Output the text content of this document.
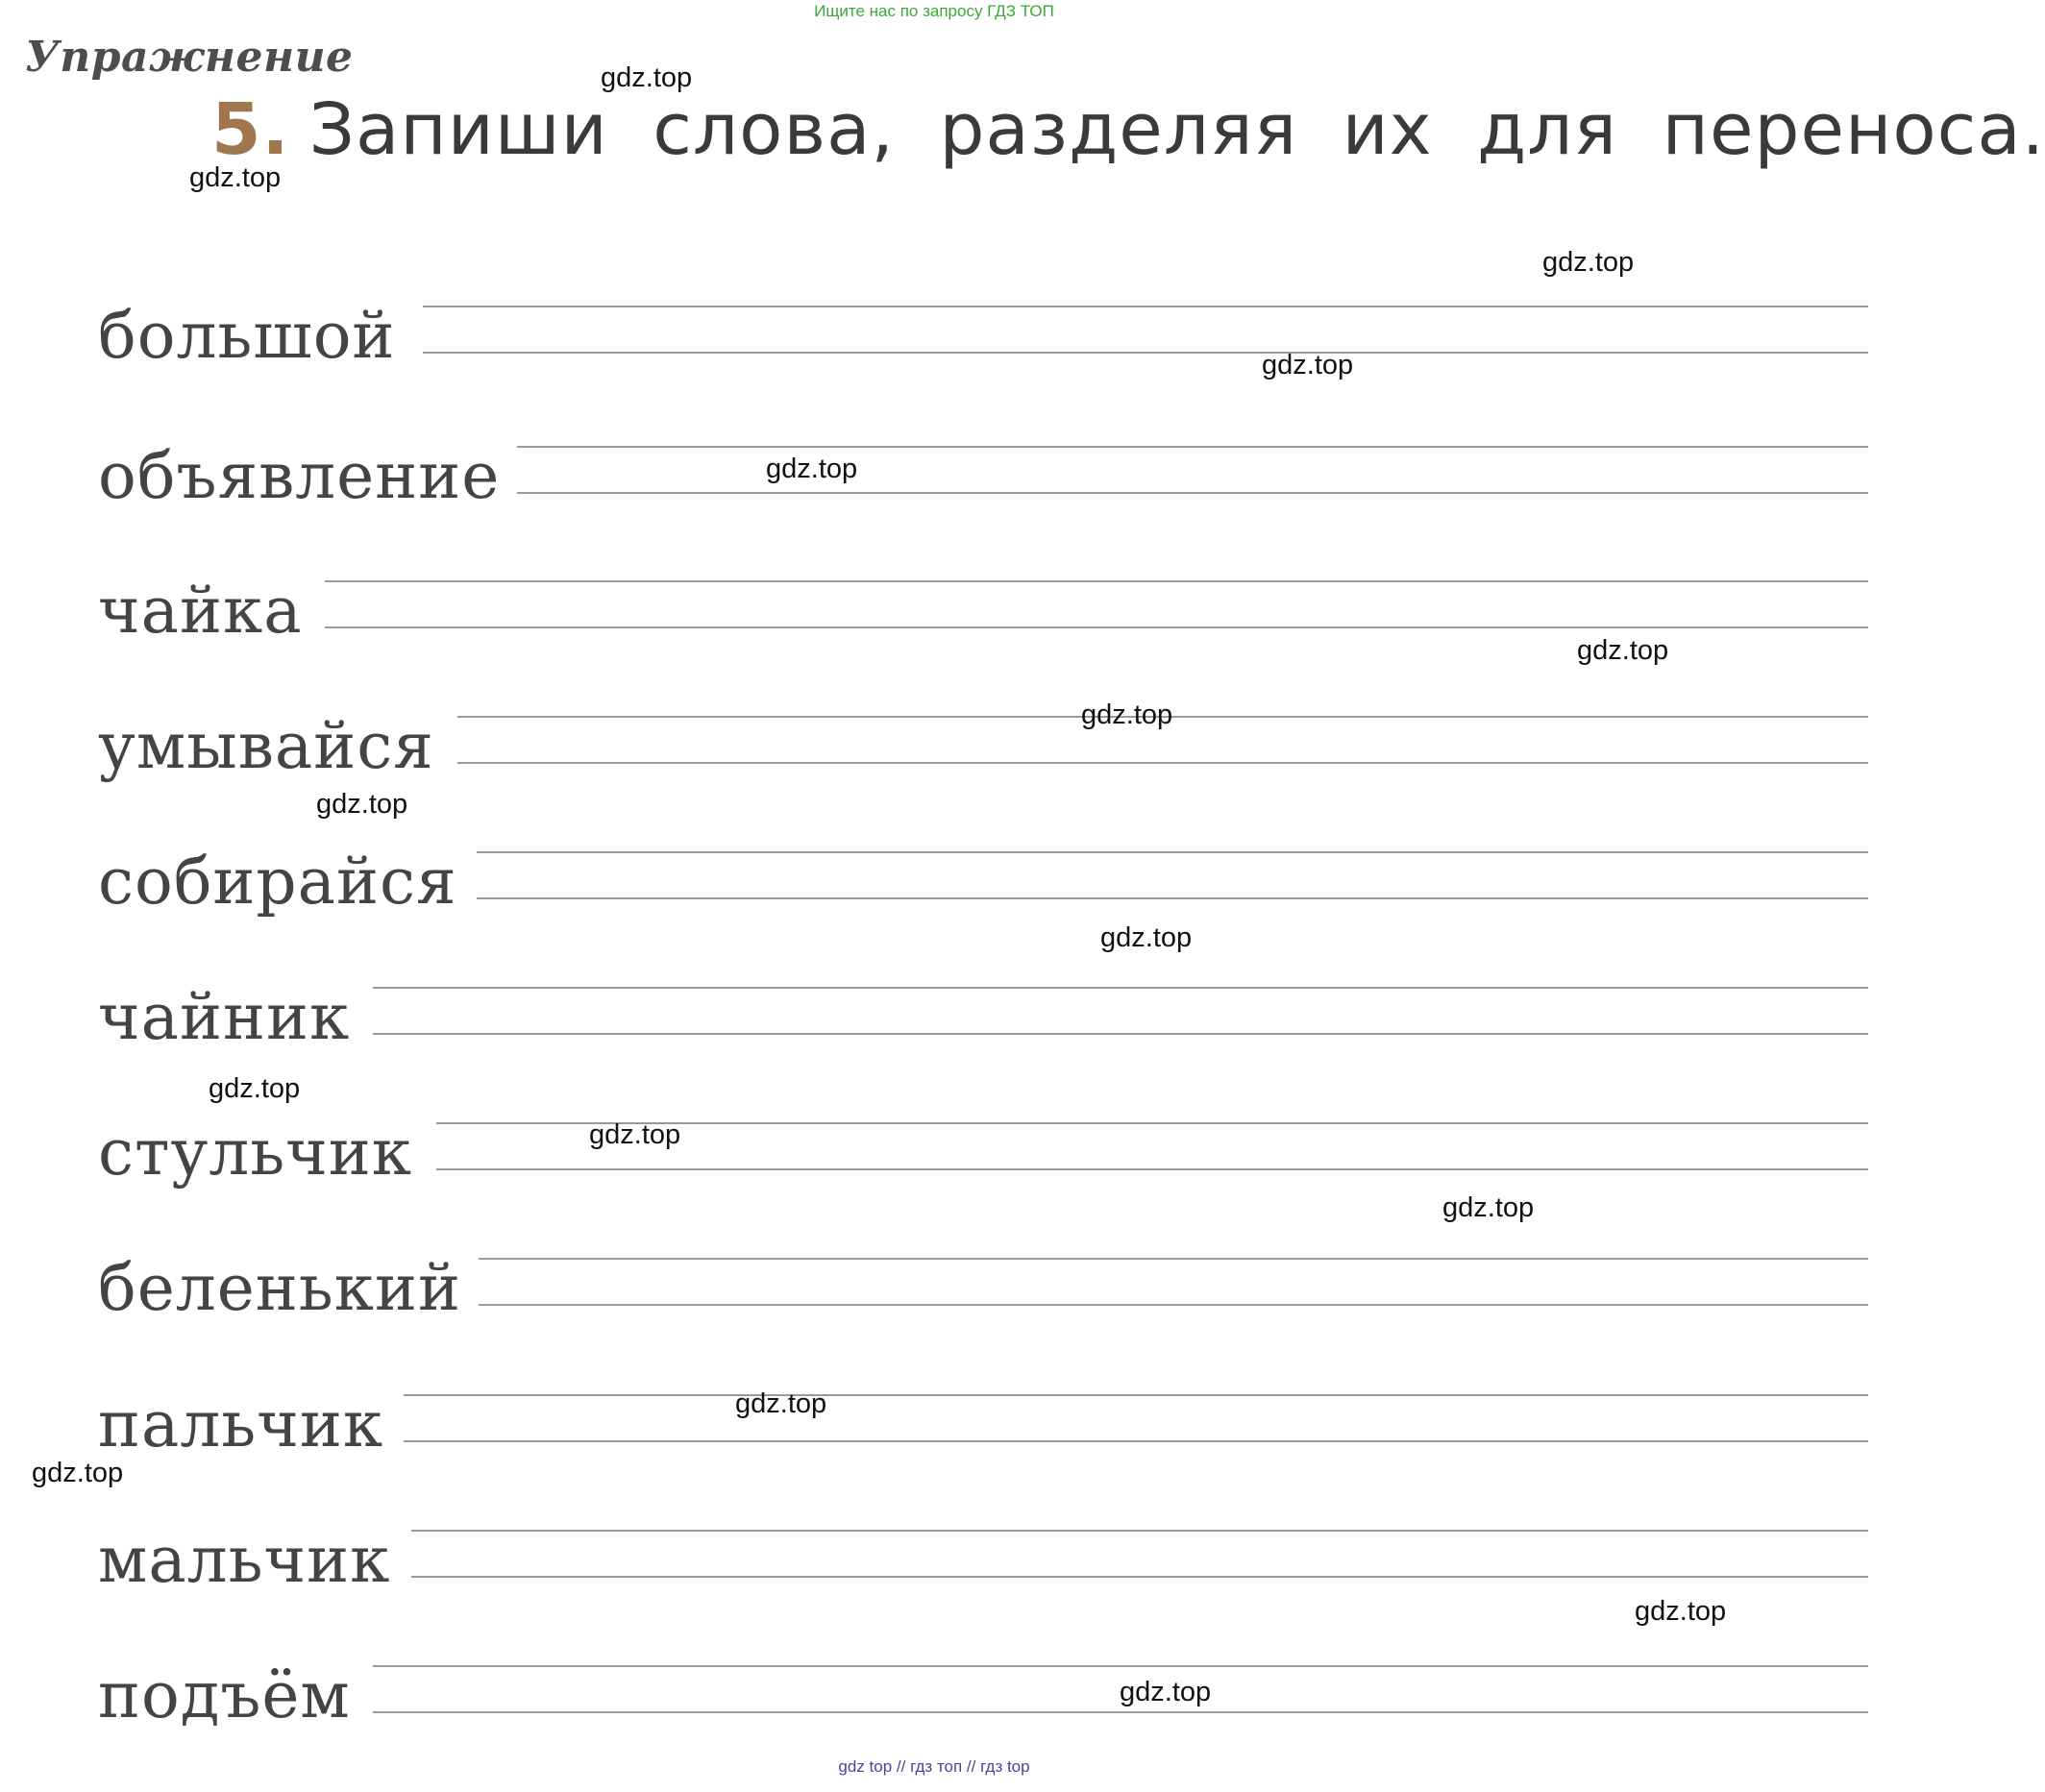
Ищите нас по запросу ГДЗ ТОП
Упражнение
5. Запиши слова, разделяя их для переноса.
большой
объявление
чайка
умывайся
собирайся
чайник
стульчик
беленький
пальчик
мальчик
подъём
gdz.top
gdz.top
gdz.top
gdz.top
gdz.top
gdz.top
gdz.top
gdz.top
gdz.top
gdz.top
gdz.top
gdz.top
gdz.top
gdz.top
gdz.top
gdz.top
gdz top // гдз топ // гдз top
